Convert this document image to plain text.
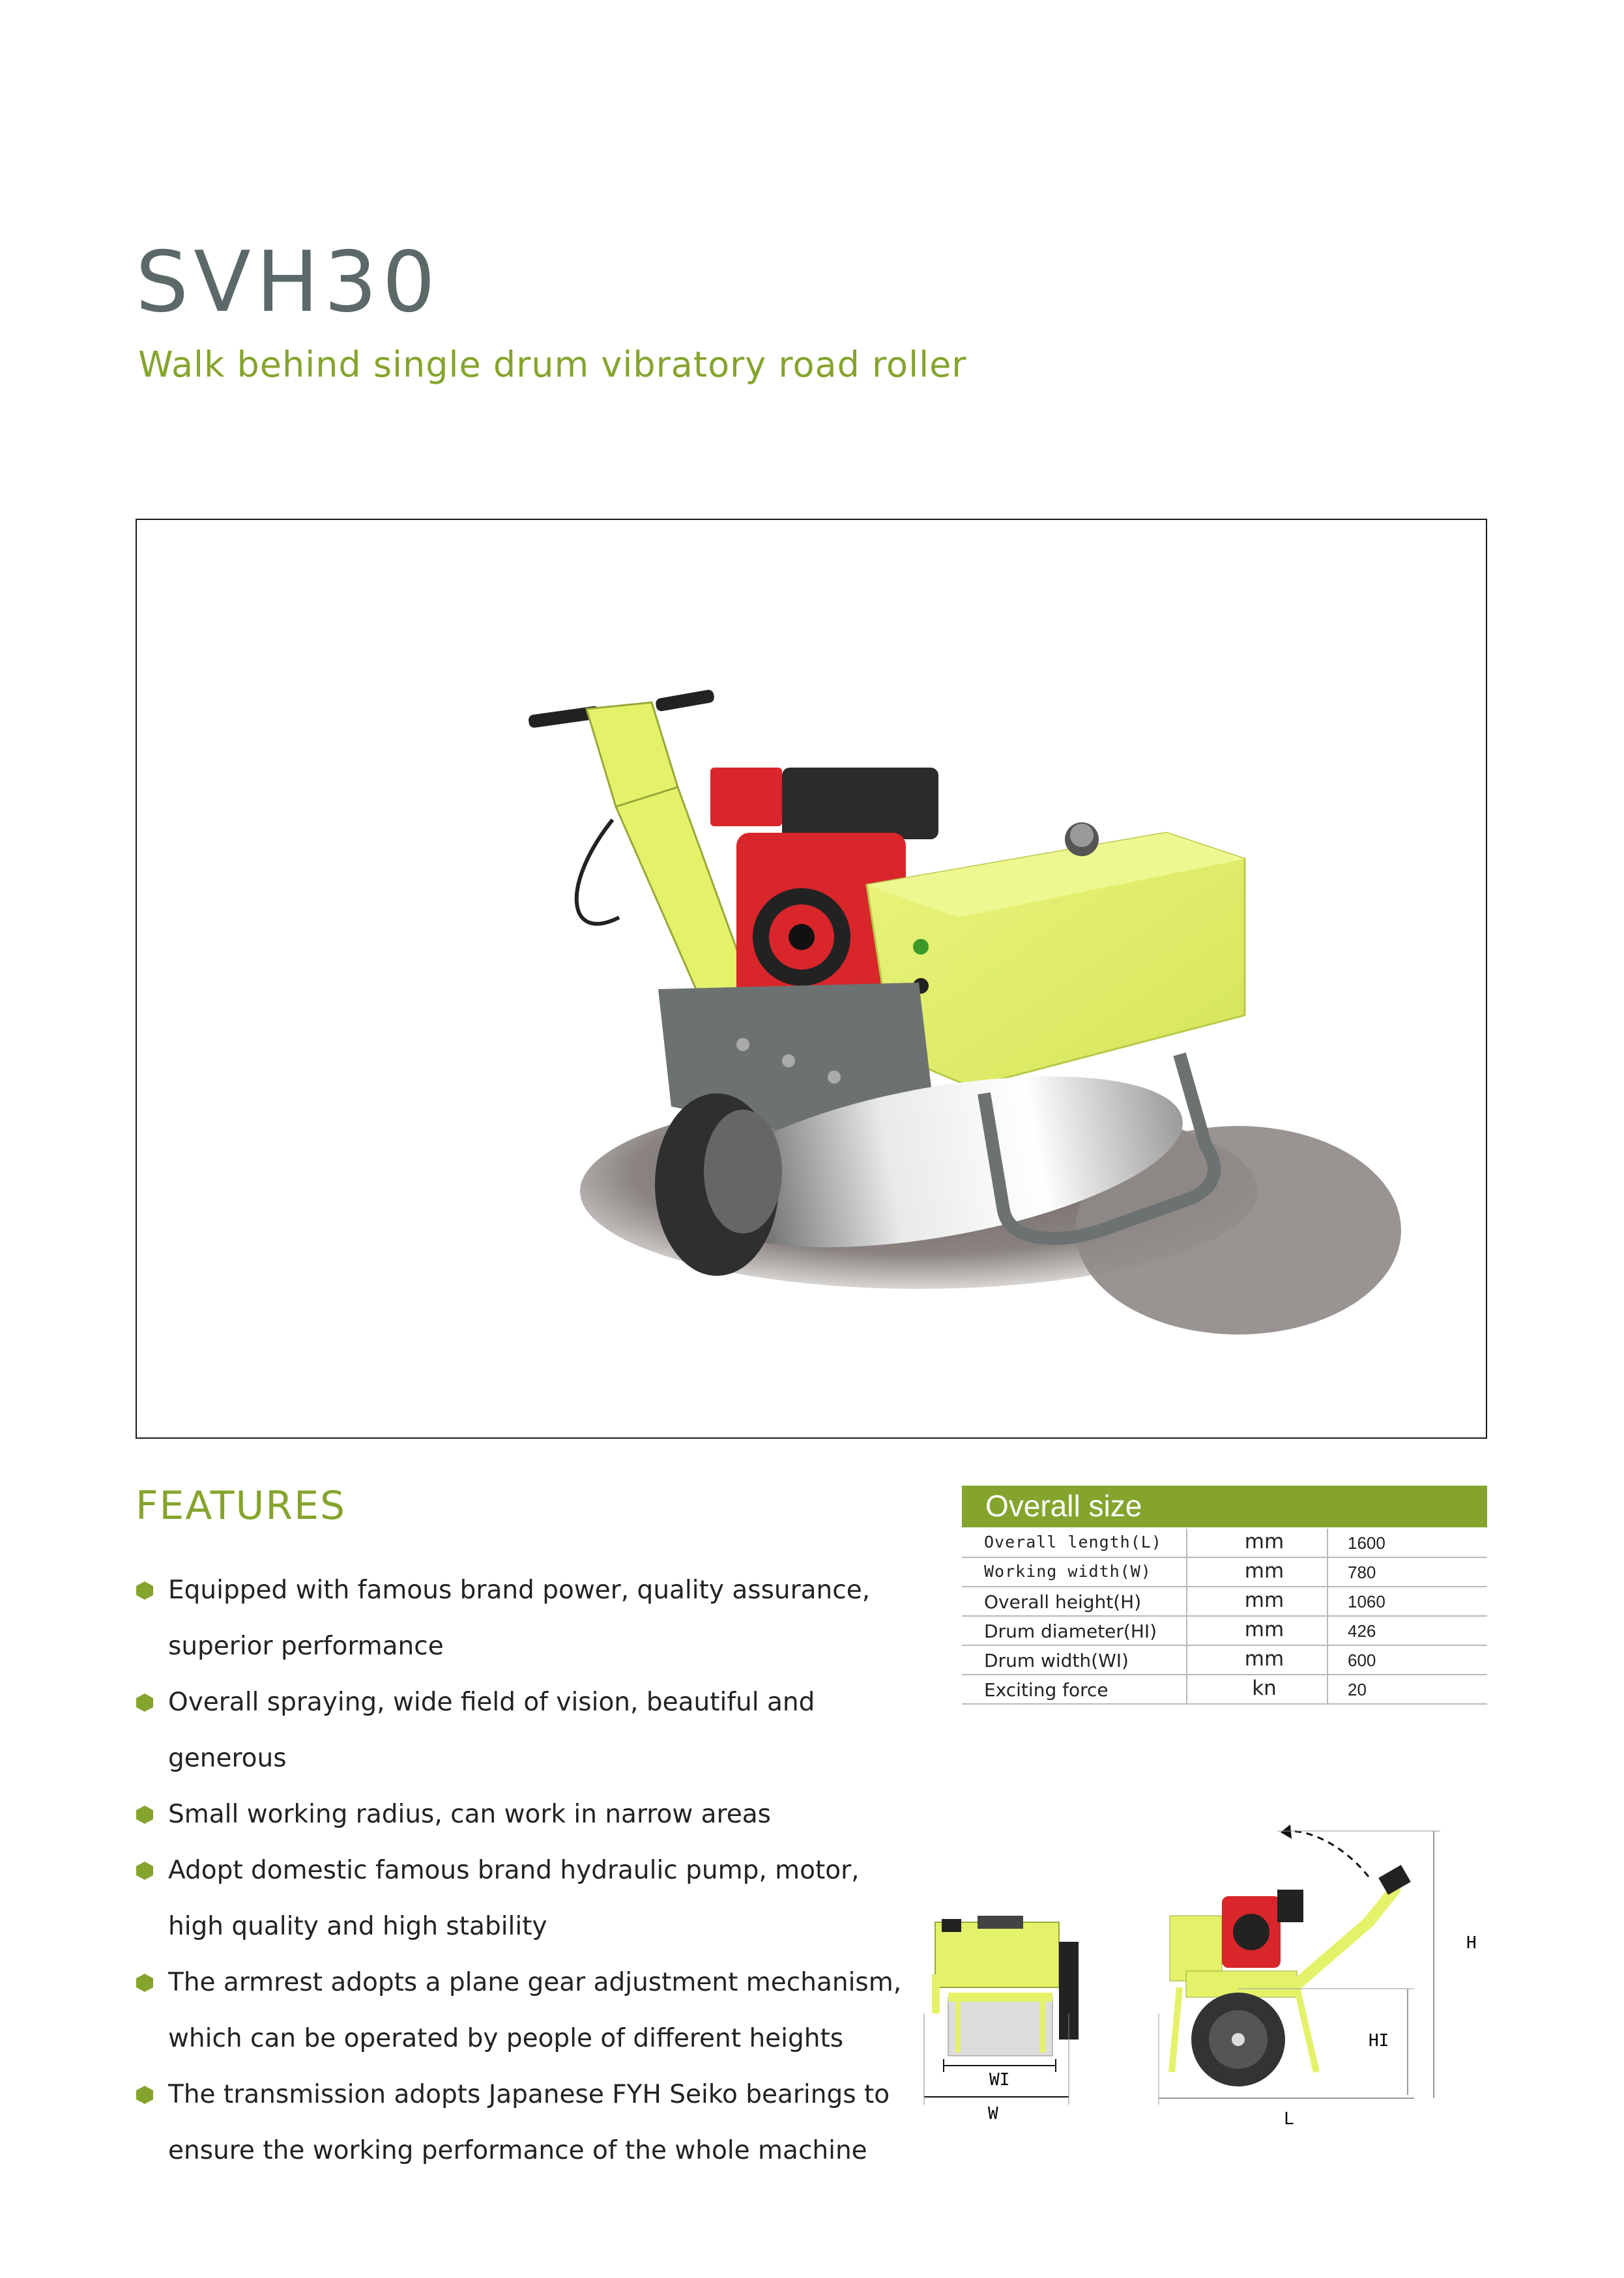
SVH30
Walk behind single drum vibratory road roller
FEATURES
Equipped with famous brand power, quality assurance,
superior performance
Overall spraying, wide field of vision, beautiful and
generous
Small working radius, can work in narrow areas
Adopt domestic famous brand hydraulic pump, motor,
high quality and high stability
The armrest adopts a plane gear adjustment mechanism,
which can be operated by people of different heights
The transmission adopts Japanese FYH Seiko bearings to
ensure the working performance of the whole machine
Overall size
Overall length(L)	mm	1600
Working width(W)	mm	780
Overall height(H)	mm	1060
Drum diameter(HI)	mm	426
Drum width(WI)	mm	600
Exciting force	kn	20
WI
W
H
HI
L
